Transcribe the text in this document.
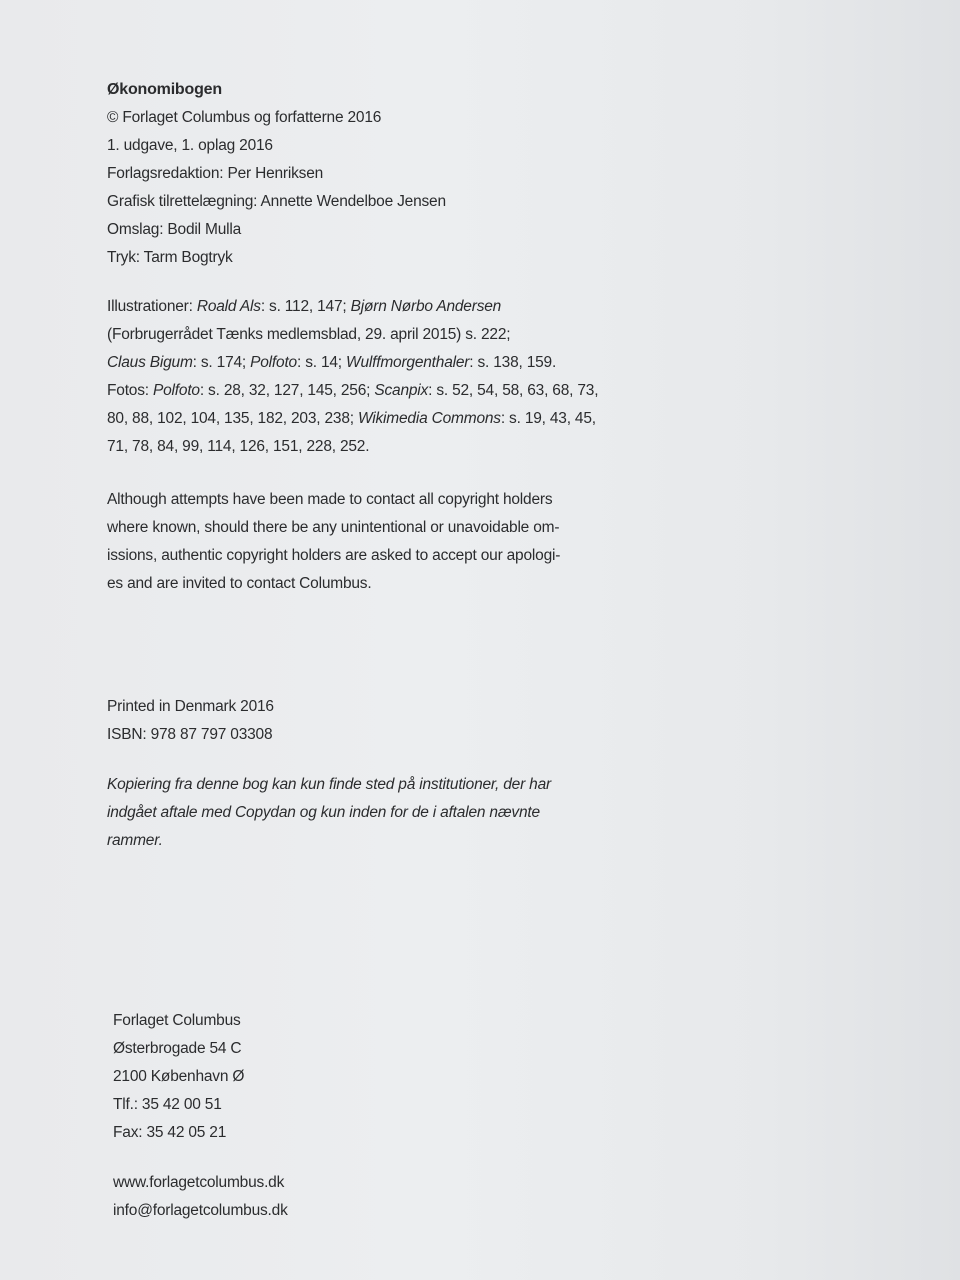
Økonomibogen
© Forlaget Columbus og forfatterne 2016
1. udgave, 1. oplag 2016
Forlagsredaktion: Per Henriksen
Grafisk tilrettelægning: Annette Wendelboe Jensen
Omslag: Bodil Mulla
Tryk: Tarm Bogtryk
Illustrationer: Roald Als: s. 112, 147; Bjørn Nørbo Andersen
(Forbrugerrådet Tænks medlemsblad, 29. april 2015) s. 222;
Claus Bigum: s. 174; Polfoto: s. 14; Wulffmorgenthaler: s. 138, 159.
Fotos: Polfoto: s. 28, 32, 127, 145, 256; Scanpix: s. 52, 54, 58, 63, 68, 73,
80, 88, 102, 104, 135, 182, 203, 238; Wikimedia Commons: s. 19, 43, 45,
71, 78, 84, 99, 114, 126, 151, 228, 252.
Although attempts have been made to contact all copyright holders
where known, should there be any unintentional or unavoidable om-
issions, authentic copyright holders are asked to accept our apologi-
es and are invited to contact Columbus.
Printed in Denmark 2016
ISBN: 978 87 797 03308
Kopiering fra denne bog kan kun finde sted på institutioner, der har
indgået aftale med Copydan og kun inden for de i aftalen nævnte
rammer.
Forlaget Columbus
Østerbrogade 54 C
2100 København Ø
Tlf.: 35 42 00 51
Fax: 35 42 05 21
www.forlagetcolumbus.dk
info@forlagetcolumbus.dk
